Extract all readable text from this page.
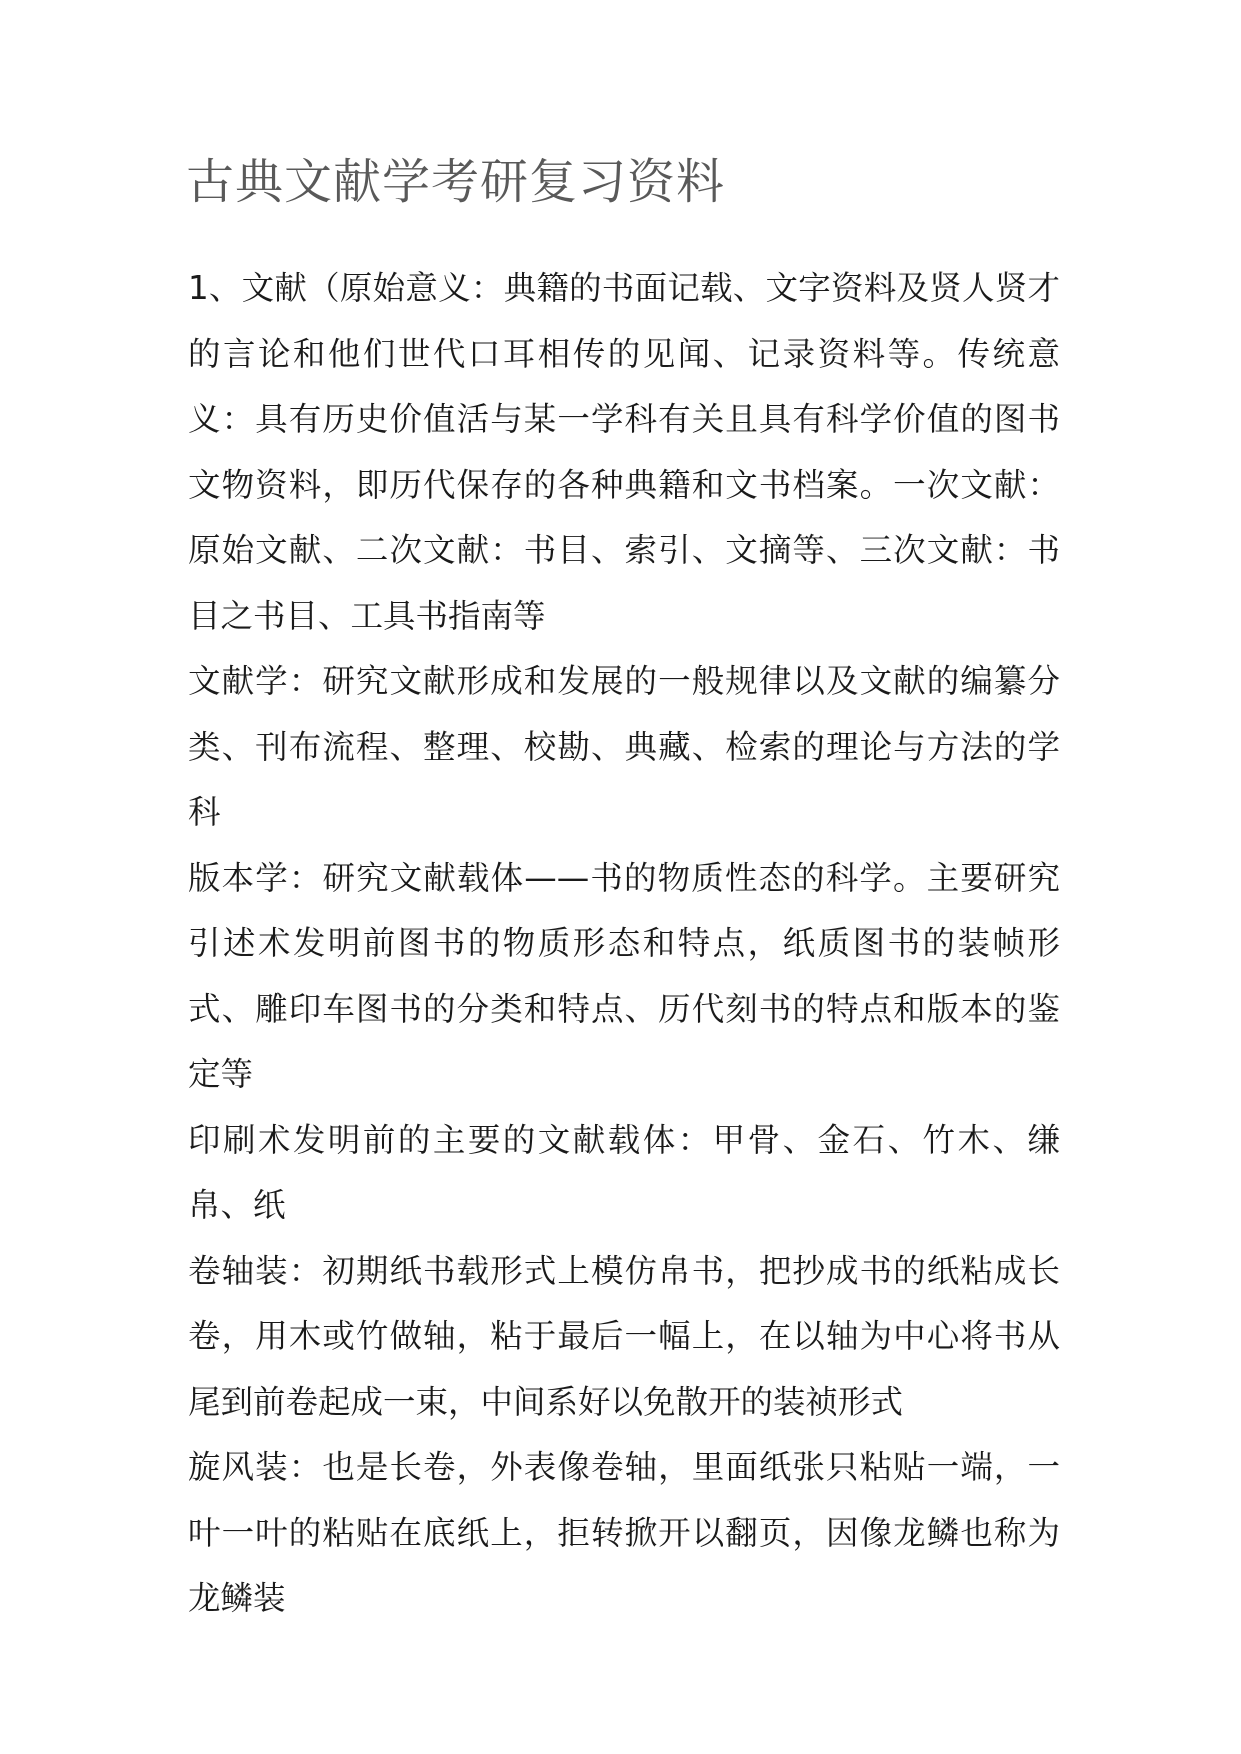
古典文献学考研复习资料

1、文献（原始意义：典籍的书面记载、文字资料及贤人贤才的言论和他们世代口耳相传的见闻、记录资料等。传统意义：具有历史价值活与某一学科有关且具有科学价值的图书文物资料，即历代保存的各种典籍和文书档案。一次文献：原始文献、二次文献：书目、索引、文摘等、三次文献：书目之书目、工具书指南等

文献学：研究文献形成和发展的一般规律以及文献的编纂分类、刊布流程、整理、校勘、典藏、检索的理论与方法的学科

版本学：研究文献载体——书的物质性态的科学。主要研究引述术发明前图书的物质形态和特点，纸质图书的装帧形式、雕印车图书的分类和特点、历代刻书的特点和版本的鉴定等

印刷术发明前的主要的文献载体：甲骨、金石、竹木、缣帛、纸

卷轴装：初期纸书载形式上模仿帛书，把抄成书的纸粘成长卷，用木或竹做轴，粘于最后一幅上，在以轴为中心将书从尾到前卷起成一束，中间系好以免散开的装祯形式

旋风装：也是长卷，外表像卷轴，里面纸张只粘贴一端，一叶一叶的粘贴在底纸上，拒转掀开以翻页，因像龙鳞也称为龙鳞装
